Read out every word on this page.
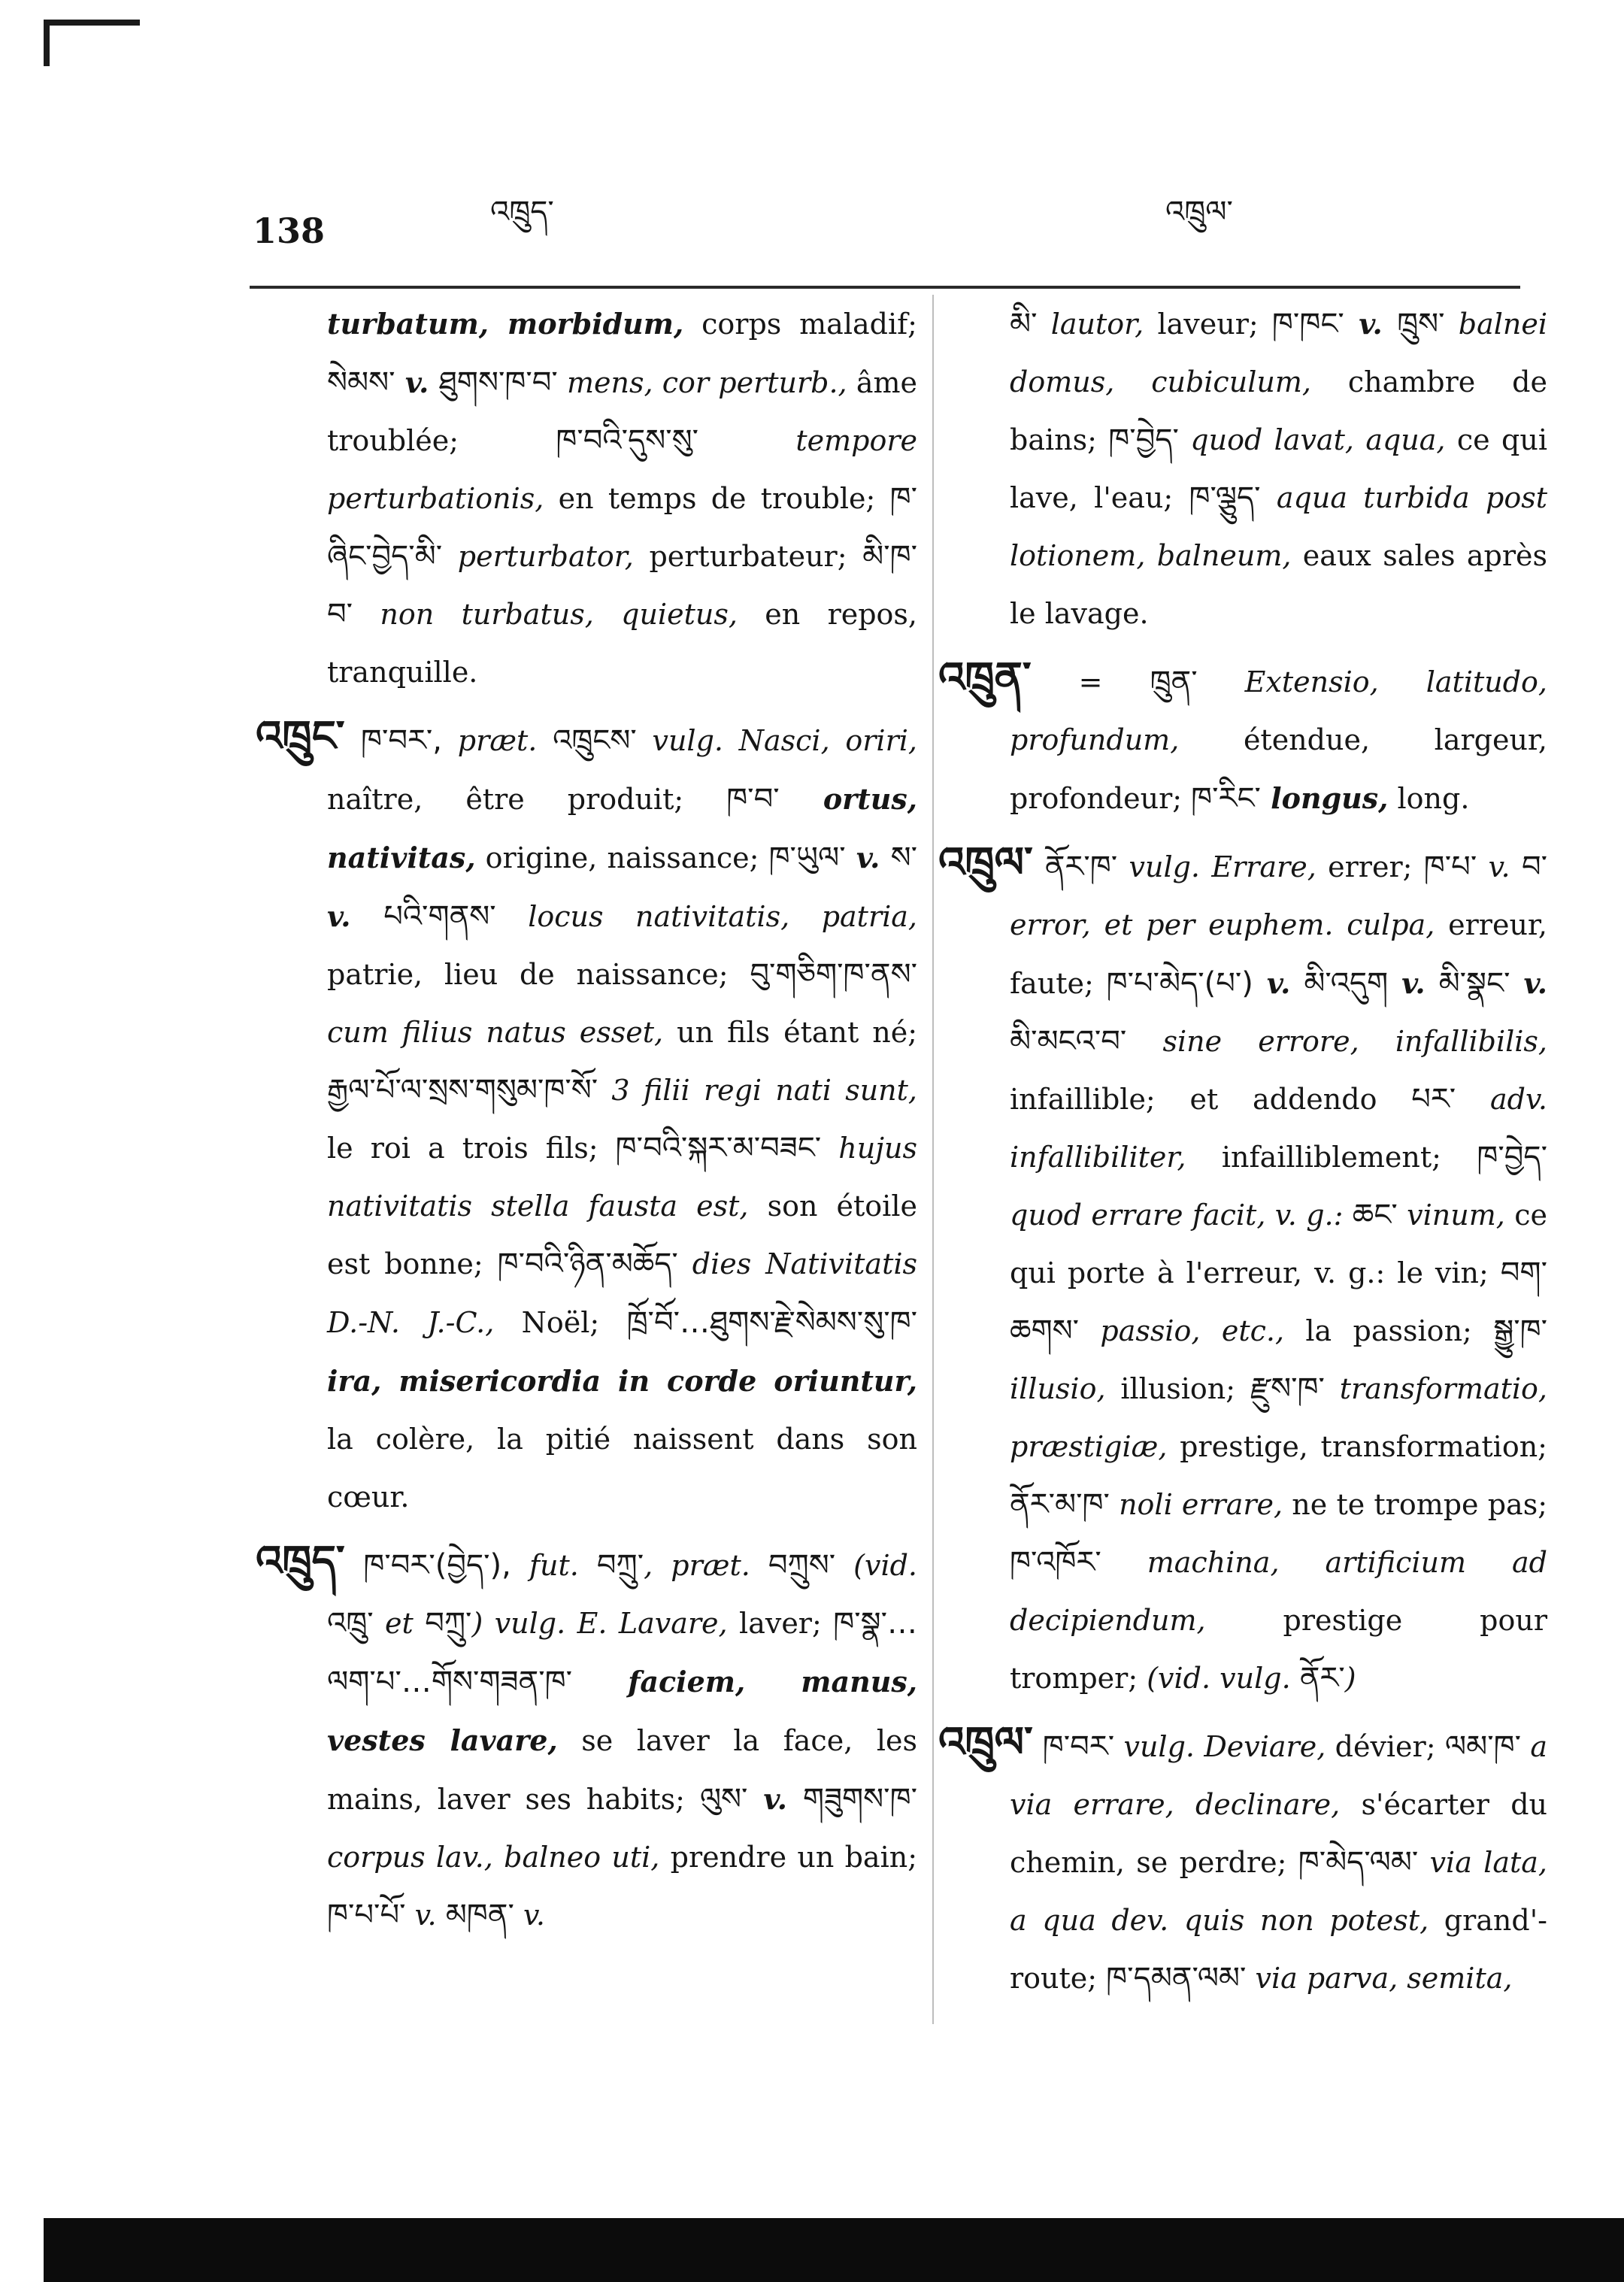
138	འཁྲུད་	འཁྲུལ་

turbatum, morbidum, corps maladif; སེམས་ v. ཐུགས་ཁ་བ་ mens, cor perturb., âme troublée; ཁ་བའི་དུས་སུ་ tempore perturbationis, en temps de trouble; ཁ་ཞིང་བྱེད་མི་ perturbator, perturbateur; མི་ཁ་བ་ non turbatus, quietus, en repos, tranquille.

འཁྲུང་ ཁ་བར་, præt. འཁྲུངས་ vulg. Nasci, oriri, naître, être produit; ཁ་བ་ ortus, nativitas, origine, naissance; ཁ་ཡུལ་ v. ས་ v. པའི་གནས་ locus nativitatis, patria, patrie, lieu de naissance; བུ་གཅིག་ཁ་ནས་ cum filius natus esset, un fils étant né; རྒྱལ་པོ་ལ་སྲས་གསུམ་ཁ་སོ་ 3 filii regi nati sunt, le roi a trois fils; ཁ་བའི་སྐར་མ་བཟང་ hujus nativitatis stella fausta est, son étoile est bonne; ཁ་བའི་ཉིན་མཆོད་ dies Nativitatis D.-N. J.-C., Noël; ཁྲོ་བོ་…ཐུགས་རྗེ་སེམས་སུ་ཁ་ ira, misericordia in corde oriuntur, la colère, la pitié naissent dans son cœur.

འཁྲུད་ ཁ་བར་(བྱེད་), fut. བཀྲུ་, præt. བཀྲུས་ (vid. འཁྲུ་ et བཀྲུ་) vulg. E. Lavare, laver; ཁ་སྣ་…ལག་པ་…གོས་གཟན་ཁ་ faciem, manus, vestes lavare, se laver la face, les mains, laver ses habits; ལུས་ v. གཟུགས་ཁ་ corpus lav., balneo uti, prendre un bain; ཁ་པ་པོ་ v. མཁན་ v.

མི་ lautor, laveur; ཁ་ཁང་ v. ཁྲུས་ balnei domus, cubiculum, chambre de bains; ཁ་བྱེད་ quod lavat, aqua, ce qui lave, l'eau; ཁ་ལྕུད་ aqua turbida post lotionem, balneum, eaux sales après le lavage.

འཁྲུན་ = ཁྲུན་ Extensio, latitudo, profundum, étendue, largeur, profondeur; ཁ་རིང་ longus, long.

འཁྲུལ་ ནོར་ཁ་ vulg. Errare, errer; ཁ་པ་ v. བ་ error, et per euphem. culpa, erreur, faute; ཁ་པ་མེད་(པ་) v. མི་འདུག v. མི་སྣང་ v. མི་མངའ་བ་ sine errore, infallibilis, infaillible; et addendo པར་ adv. infallibiliter, infailliblement; ཁ་བྱེད་ quod errare facit, v. g.: ཆང་ vinum, ce qui porte à l'erreur, v. g.: le vin; བག་ཆགས་ passio, etc., la passion; སྒྱུ་ཁ་ illusio, illusion; རྫུས་ཁ་ transformatio, præstigiæ, prestige, transformation; ནོར་མ་ཁ་ noli errare, ne te trompe pas; ཁ་འཁོར་ machina, artificium ad decipiendum, prestige pour tromper; (vid. vulg. ནོར་)

འཁྲུལ་ ཁ་བར་ vulg. Deviare, dévier; ལམ་ཁ་ a via errare, declinare, s'écarter du chemin, se perdre; ཁ་མེད་ལམ་ via lata, a qua dev. quis non potest, grand'-route; ཁ་དམན་ལམ་ via parva, semita,
